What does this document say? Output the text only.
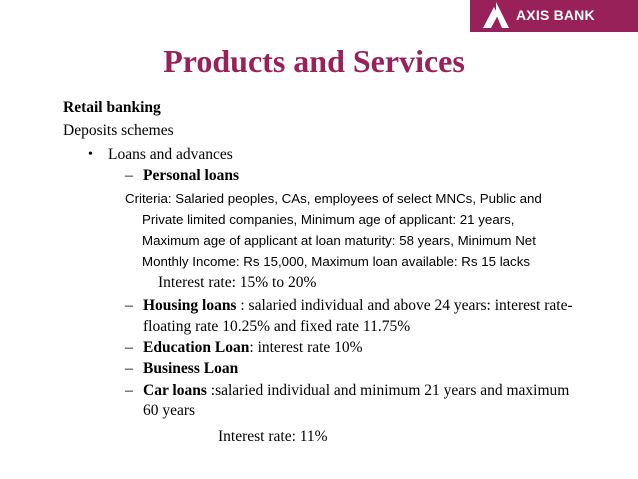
AXIS BANK
Products and Services
Retail banking
Deposits schemes
• Loans and advances
– Personal loans
Criteria: Salaried peoples, CAs, employees of select MNCs, Public and
Private limited companies, Minimum age of applicant: 21 years,
Maximum age of applicant at loan maturity: 58 years, Minimum Net
Monthly Income: Rs 15,000, Maximum loan available: Rs 15 lacks
Interest rate: 15% to 20%
– Housing loans : salaried individual and above 24 years: interest rate-
floating rate 10.25% and fixed rate 11.75%
– Education Loan: interest rate 10%
– Business Loan
– Car loans :salaried individual and minimum 21 years and maximum
60 years
Interest rate: 11%
